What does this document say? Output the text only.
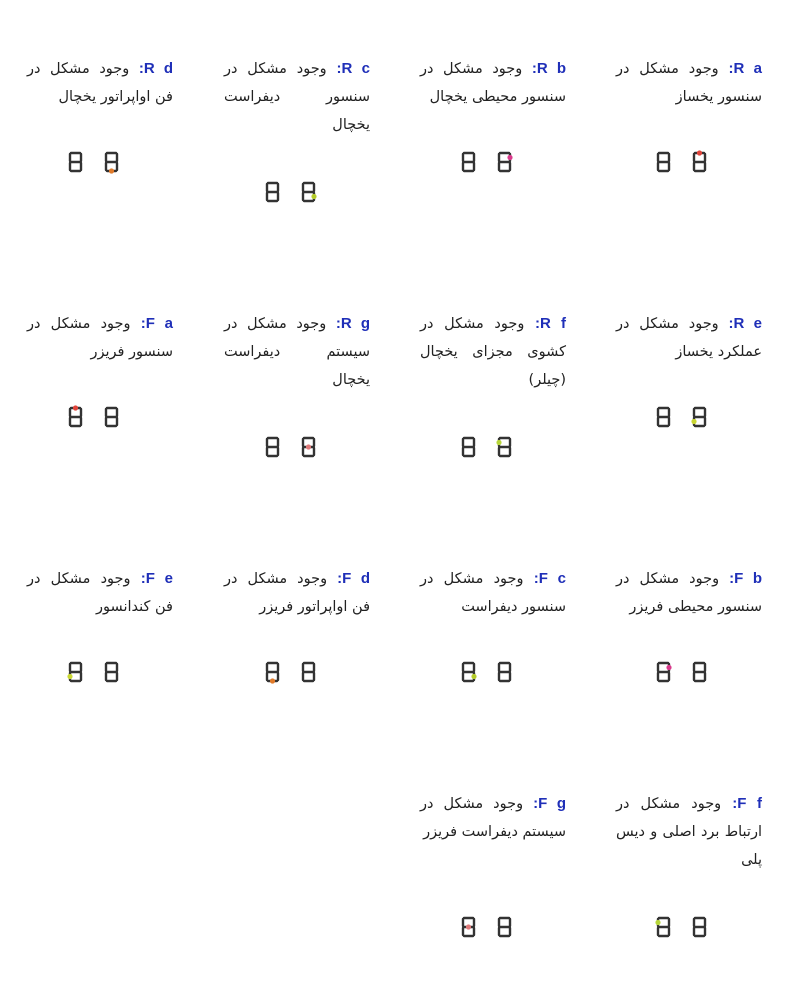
R a: وجود مشکل در سنسور یخساز

R b: وجود مشکل در سنسور محیطی یخچال

R c: وجود مشکل در سنسور دیفراست یخچال

R d: وجود مشکل در فن اواپراتور یخچال

R e: وجود مشکل در عملکرد یخساز

R f: وجود مشکل در کشوی مجزای یخچال (چیلر)

R g: وجود مشکل در سیستم دیفراست یخچال

F a: وجود مشکل در سنسور فریزر

F b: وجود مشکل در سنسور محیطی فریزر

F c: وجود مشکل در سنسور دیفراست

F d: وجود مشکل در فن اواپراتور فریزر

F e: وجود مشکل در فن کندانسور

F f: وجود مشکل در ارتباط برد اصلی و دیس پلی

F g: وجود مشکل در سیستم دیفراست فریزر
